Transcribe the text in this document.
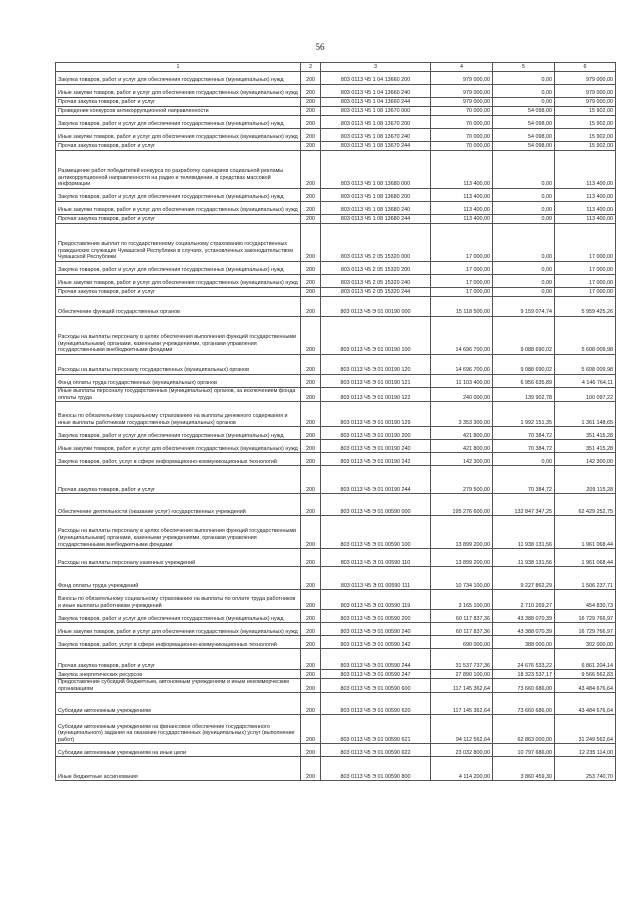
56
1	2	3	4	5	6
Закупка товаров, работ и услуг для обеспечения государственных (муниципальных) нужд	200	803 0113 Ч5 1 04 13660 200	979 000,00	0,00	979 000,00
Иные закупки товаров, работ и услуг для обеспечения государственных (муниципальных) нужд	200	803 0113 Ч5 1 04 13660 240	979 000,00	0,00	979 000,00
Прочая закупка товаров, работ и услуг	200	803 0113 Ч5 1 04 13660 244	979 000,00	0,00	979 000,00
Проведение конкурсов антикоррупционной направленности	200	803 0113 Ч5 1 08 13670 000	70 000,00	54 098,00	15 902,00
Закупка товаров, работ и услуг для обеспечения государственных (муниципальных) нужд	200	803 0113 Ч5 1 08 13670 200	70 000,00	54 098,00	15 902,00
Иные закупки товаров, работ и услуг для обеспечения государственных (муниципальных) нужд	200	803 0113 Ч5 1 08 13670 240	70 000,00	54 098,00	15 902,00
Прочая закупка товаров, работ и услуг	200	803 0113 Ч5 1 08 13670 244	70 000,00	54 098,00	15 902,00
Размещение работ победителей конкурса по разработку сценариев социальной рекламы антикоррупционной направленности на радио и телевидении, в средствах массовой информации	200	803 0113 Ч5 1 08 13680 000	113 400,00	0,00	113 400,00
Закупка товаров, работ и услуг для обеспечения государственных (муниципальных) нужд	200	803 0113 Ч5 1 08 13680 200	113 400,00	0,00	113 400,00
Иные закупки товаров, работ и услуг для обеспечения государственных (муниципальных) нужд	200	803 0113 Ч5 1 08 13680 240	113 400,00	0,00	113 400,00
Прочая закупка товаров, работ и услуг	200	803 0113 Ч5 1 08 13680 244	113 400,00	0,00	113 400,00
Предоставление выплат по государственному социальному страхованию государственных гражданских служащих Чувашской Республики в случаях, установленных законодательством Чувашской Республики	200	803 0113 Ч5 2 05 15320 000	17 000,00	0,00	17 000,00
Закупка товаров, работ и услуг для обеспечения государственных (муниципальных) нужд	200	803 0113 Ч5 2 05 15320 200	17 000,00	0,00	17 000,00
Иные закупки товаров, работ и услуг для обеспечения государственных (муниципальных) нужд	200	803 0113 Ч5 2 05 15320 240	17 000,00	0,00	17 000,00
Прочая закупка товаров, работ и услуг	200	803 0113 Ч5 2 05 15320 244	17 000,00	0,00	17 000,00
Обеспечение функций государственных органов	200	803 0113 Ч5 Э 01 00190 000	15 118 500,00	9 159 074,74	5 959 425,26
Расходы на выплаты персоналу в целях обеспечения выполнения функций государственными (муниципальными) органами, казенными учреждениями, органами управления государственными внебюджетными фондами	200	803 0113 Ч5 Э 01 00190 100	14 696 700,00	9 088 690,02	5 608 009,98
Расходы на выплаты персоналу государственных (муниципальных) органов	200	803 0113 Ч5 Э 01 00190 120	14 696 700,00	9 088 690,02	5 608 009,98
Фонд оплаты труда государственных (муниципальных) органов	200	803 0113 Ч5 Э 01 00190 121	11 103 400,00	6 956 635,89	4 146 764,11
Иные выплаты персоналу государственных (муниципальных) органов, за исключением фонда оплаты труда	200	803 0113 Ч5 Э 01 00190 122	240 000,00	139 902,78	100 097,22
Взносы по обязательному социальному страхованию на выплаты денежного содержания и иные выплаты работникам государственных (муниципальных) органов	200	803 0113 Ч5 Э 01 00190 129	3 353 300,00	1 992 151,35	1 361 148,65
Закупка товаров, работ и услуг для обеспечения государственных (муниципальных) нужд	200	803 0113 Ч5 Э 01 00190 200	421 800,00	70 384,72	351 415,28
Иные закупки товаров, работ и услуг для обеспечения государственных (муниципальных) нужд	200	803 0113 Ч5 Э 01 00190 240	421 800,00	70 384,72	351 415,28
Закупка товаров, работ, услуг в сфере информационно-коммуникационных технологий	200	803 0113 Ч5 Э 01 00190 242	142 300,00	0,00	142 300,00
Прочая закупка товаров, работ и услуг	200	803 0113 Ч5 Э 01 00190 244	279 500,00	70 384,72	209 115,28
Обеспечение деятельности (оказание услуг) государственных учреждений	200	803 0113 Ч5 Э 01 00590 000	195 276 600,00	132 847 347,25	62 429 252,75
Расходы на выплаты персоналу в целях обеспечения выполнения функций государственными (муниципальными) органами, казенными учреждениями, органами управления государственными внебюджетными фондами	200	803 0113 Ч5 Э 01 00590 100	13 899 200,00	11 938 131,56	1 961 068,44
Расходы на выплаты персоналу казенных учреждений	200	803 0113 Ч5 Э 01 00590 110	13 899 200,00	11 938 131,56	1 961 068,44
Фонд оплаты труда учреждений	200	803 0113 Ч5 Э 01 00590 111	10 734 100,00	9 227 862,29	1 506 237,71
Взносы по обязательному социальному страхованию на выплаты по оплате труда работников и иные выплаты работникам учреждений	200	803 0113 Ч5 Э 01 00590 119	3 165 100,00	2 710 269,27	454 830,73
Закупка товаров, работ и услуг для обеспечения государственных (муниципальных) нужд	200	803 0113 Ч5 Э 01 00590 200	60 117 837,36	43 388 070,39	16 729 766,97
Иные закупки товаров, работ и услуг для обеспечения государственных (муниципальных) нужд	200	803 0113 Ч5 Э 01 00590 240	60 117 837,36	43 388 070,39	16 729 766,97
Закупка товаров, работ, услуг в сфере информационно-коммуникационных технологий	200	803 0113 Ч5 Э 01 00590 242	690 000,00	388 000,00	302 000,00
Прочая закупка товаров, работ и услуг	200	803 0113 Ч5 Э 01 00590 244	31 537 737,36	24 676 533,22	6 861 204,14
Закупка энергетических ресурсов	200	803 0113 Ч5 Э 01 00590 247	27 890 100,00	18 323 537,17	9 566 562,83
Предоставление субсидий бюджетным, автономным учреждениям и иным некоммерческим организациям	200	803 0113 Ч5 Э 01 00590 600	117 145 362,64	73 660 686,00	43 484 676,64
Субсидии автономным учреждениям	200	803 0113 Ч5 Э 01 00590 620	117 145 362,64	73 660 686,00	43 484 676,64
Субсидии автономным учреждениям на финансовое обеспечение государственного (муниципального) задания на оказание государственных (муниципальных) услуг (выполнение работ)	200	803 0113 Ч5 Э 01 00590 621	94 112 562,64	62 863 000,00	31 249 562,64
Субсидии автономным учреждениям на иные цели	200	803 0113 Ч5 Э 01 00590 622	23 032 800,00	10 797 686,00	12 235 114,00
Иные бюджетные ассигнования	200	803 0113 Ч5 Э 01 00590 800	4 114 200,00	3 860 459,30	253 740,70
